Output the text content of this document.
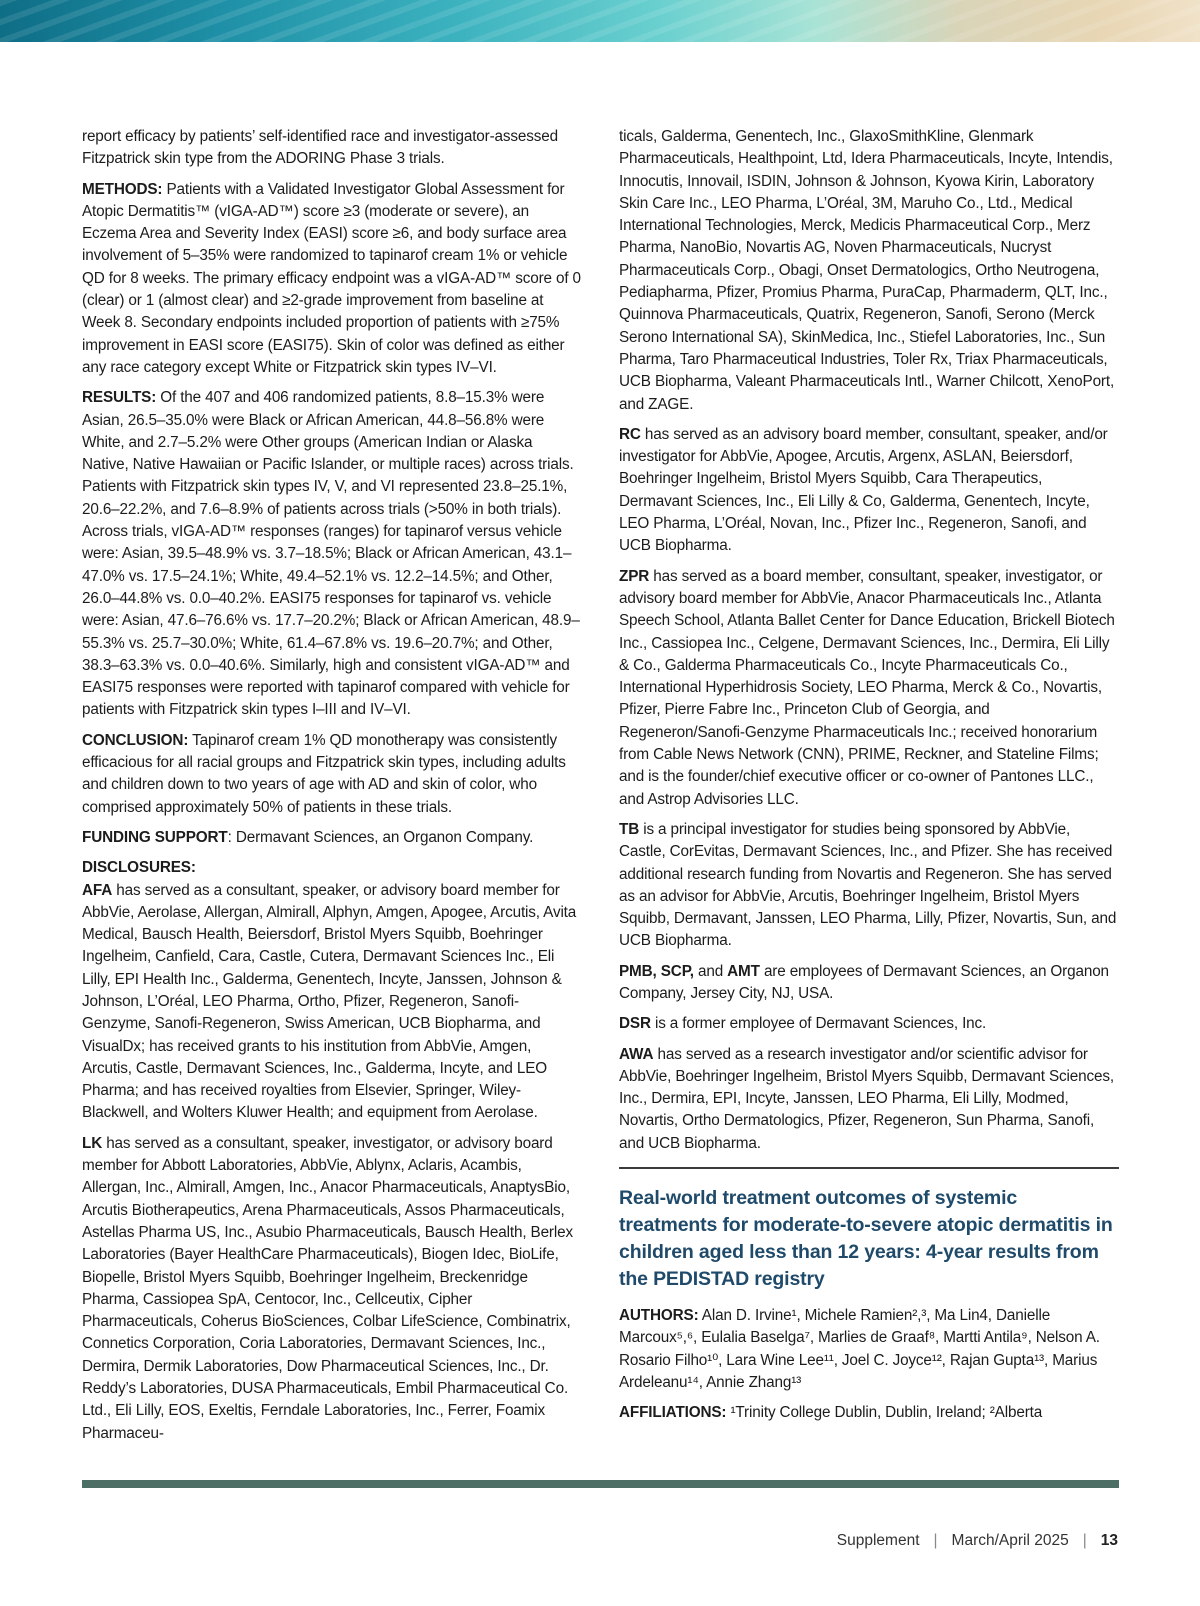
report efficacy by patients’ self-identified race and investigator-assessed Fitzpatrick skin type from the ADORING Phase 3 trials.

METHODS: Patients with a Validated Investigator Global Assessment for Atopic Dermatitis™ (vIGA-AD™) score ≥3 (moderate or severe), an Eczema Area and Severity Index (EASI) score ≥6, and body surface area involvement of 5–35% were randomized to tapinarof cream 1% or vehicle QD for 8 weeks. The primary efficacy endpoint was a vIGA-AD™ score of 0 (clear) or 1 (almost clear) and ≥2-grade improvement from baseline at Week 8. Secondary endpoints included proportion of patients with ≥75% improvement in EASI score (EASI75). Skin of color was defined as either any race category except White or Fitzpatrick skin types IV–VI.

RESULTS: Of the 407 and 406 randomized patients, 8.8–15.3% were Asian, 26.5–35.0% were Black or African American, 44.8–56.8% were White, and 2.7–5.2% were Other groups (American Indian or Alaska Native, Native Hawaiian or Pacific Islander, or multiple races) across trials. Patients with Fitzpatrick skin types IV, V, and VI represented 23.8–25.1%, 20.6–22.2%, and 7.6–8.9% of patients across trials (>50% in both trials). Across trials, vIGA-AD™ responses (ranges) for tapinarof versus vehicle were: Asian, 39.5–48.9% vs. 3.7–18.5%; Black or African American, 43.1–47.0% vs. 17.5–24.1%; White, 49.4–52.1% vs. 12.2–14.5%; and Other, 26.0–44.8% vs. 0.0–40.2%. EASI75 responses for tapinarof vs. vehicle were: Asian, 47.6–76.6% vs. 17.7–20.2%; Black or African American, 48.9–55.3% vs. 25.7–30.0%; White, 61.4–67.8% vs. 19.6–20.7%; and Other, 38.3–63.3% vs. 0.0–40.6%. Similarly, high and consistent vIGA-AD™ and EASI75 responses were reported with tapinarof compared with vehicle for patients with Fitzpatrick skin types I–III and IV–VI.

CONCLUSION: Tapinarof cream 1% QD monotherapy was consistently efficacious for all racial groups and Fitzpatrick skin types, including adults and children down to two years of age with AD and skin of color, who comprised approximately 50% of patients in these trials.

FUNDING SUPPORT: Dermavant Sciences, an Organon Company.

DISCLOSURES:

AFA has served as a consultant, speaker, or advisory board member for AbbVie, Aerolase, Allergan, Almirall, Alphyn, Amgen, Apogee, Arcutis, Avita Medical, Bausch Health, Beiersdorf, Bristol Myers Squibb, Boehringer Ingelheim, Canfield, Cara, Castle, Cutera, Dermavant Sciences Inc., Eli Lilly, EPI Health Inc., Galderma, Genentech, Incyte, Janssen, Johnson & Johnson, L’Oréal, LEO Pharma, Ortho, Pfizer, Regeneron, Sanofi-Genzyme, Sanofi-Regeneron, Swiss American, UCB Biopharma, and VisualDx; has received grants to his institution from AbbVie, Amgen, Arcutis, Castle, Dermavant Sciences, Inc., Galderma, Incyte, and LEO Pharma; and has received royalties from Elsevier, Springer, Wiley-Blackwell, and Wolters Kluwer Health; and equipment from Aerolase.

LK has served as a consultant, speaker, investigator, or advisory board member for Abbott Laboratories, AbbVie, Ablynx, Aclaris, Acambis, Allergan, Inc., Almirall, Amgen, Inc., Anacor Pharmaceuticals, AnaptysBio, Arcutis Biotherapeutics, Arena Pharmaceuticals, Assos Pharmaceuticals, Astellas Pharma US, Inc., Asubio Pharmaceuticals, Bausch Health, Berlex Laboratories (Bayer HealthCare Pharmaceuticals), Biogen Idec, BioLife, Biopelle, Bristol Myers Squibb, Boehringer Ingelheim, Breckenridge Pharma, Cassiopea SpA, Centocor, Inc., Cellceutix, Cipher Pharmaceuticals, Coherus BioSciences, Colbar LifeScience, Combinatrix, Connetics Corporation, Coria Laboratories, Dermavant Sciences, Inc., Dermira, Dermik Laboratories, Dow Pharmaceutical Sciences, Inc., Dr. Reddy’s Laboratories, DUSA Pharmaceuticals, Embil Pharmaceutical Co. Ltd., Eli Lilly, EOS, Exeltis, Ferndale Laboratories, Inc., Ferrer, Foamix Pharmaceu-

ticals, Galderma, Genentech, Inc., GlaxoSmithKline, Glenmark Pharmaceuticals, Healthpoint, Ltd, Idera Pharmaceuticals, Incyte, Intendis, Innocutis, Innovail, ISDIN, Johnson & Johnson, Kyowa Kirin, Laboratory Skin Care Inc., LEO Pharma, L’Oréal, 3M, Maruho Co., Ltd., Medical International Technologies, Merck, Medicis Pharmaceutical Corp., Merz Pharma, NanoBio, Novartis AG, Noven Pharmaceuticals, Nucryst Pharmaceuticals Corp., Obagi, Onset Dermatologics, Ortho Neutrogena, Pediapharma, Pfizer, Promius Pharma, PuraCap, Pharmaderm, QLT, Inc., Quinnova Pharmaceuticals, Quatrix, Regeneron, Sanofi, Serono (Merck Serono International SA), SkinMedica, Inc., Stiefel Laboratories, Inc., Sun Pharma, Taro Pharmaceutical Industries, Toler Rx, Triax Pharmaceuticals, UCB Biopharma, Valeant Pharmaceuticals Intl., Warner Chilcott, XenoPort, and ZAGE.

RC has served as an advisory board member, consultant, speaker, and/or investigator for AbbVie, Apogee, Arcutis, Argenx, ASLAN, Beiersdorf, Boehringer Ingelheim, Bristol Myers Squibb, Cara Therapeutics, Dermavant Sciences, Inc., Eli Lilly & Co, Galderma, Genentech, Incyte, LEO Pharma, L’Oréal, Novan, Inc., Pfizer Inc., Regeneron, Sanofi, and UCB Biopharma.

ZPR has served as a board member, consultant, speaker, investigator, or advisory board member for AbbVie, Anacor Pharmaceuticals Inc., Atlanta Speech School, Atlanta Ballet Center for Dance Education, Brickell Biotech Inc., Cassiopea Inc., Celgene, Dermavant Sciences, Inc., Dermira, Eli Lilly & Co., Galderma Pharmaceuticals Co., Incyte Pharmaceuticals Co., International Hyperhidrosis Society, LEO Pharma, Merck & Co., Novartis, Pfizer, Pierre Fabre Inc., Princeton Club of Georgia, and Regeneron/Sanofi-Genzyme Pharmaceuticals Inc.; received honorarium from Cable News Network (CNN), PRIME, Reckner, and Stateline Films; and is the founder/chief executive officer or co-owner of Pantones LLC., and Astrop Advisories LLC.

TB is a principal investigator for studies being sponsored by AbbVie, Castle, CorEvitas, Dermavant Sciences, Inc., and Pfizer. She has received additional research funding from Novartis and Regeneron. She has served as an advisor for AbbVie, Arcutis, Boehringer Ingelheim, Bristol Myers Squibb, Dermavant, Janssen, LEO Pharma, Lilly, Pfizer, Novartis, Sun, and UCB Biopharma.

PMB, SCP, and AMT are employees of Dermavant Sciences, an Organon Company, Jersey City, NJ, USA.

DSR is a former employee of Dermavant Sciences, Inc.

AWA has served as a research investigator and/or scientific advisor for AbbVie, Boehringer Ingelheim, Bristol Myers Squibb, Dermavant Sciences, Inc., Dermira, EPI, Incyte, Janssen, LEO Pharma, Eli Lilly, Modmed, Novartis, Ortho Dermatologics, Pfizer, Regeneron, Sun Pharma, Sanofi, and UCB Biopharma.

Real-world treatment outcomes of systemic treatments for moderate-to-severe atopic dermatitis in children aged less than 12 years: 4-year results from the PEDISTAD registry

AUTHORS: Alan D. Irvine¹, Michele Ramien²,³, Ma Lin4, Danielle Marcoux⁵,⁶, Eulalia Baselga⁷, Marlies de Graaf⁸, Martti Antila⁹, Nelson A. Rosario Filho¹⁰, Lara Wine Lee¹¹, Joel C. Joyce¹², Rajan Gupta¹³, Marius Ardeleanu¹⁴, Annie Zhang¹³

AFFILIATIONS: ¹Trinity College Dublin, Dublin, Ireland; ²Alberta

Supplement | March/April 2025 | 13
